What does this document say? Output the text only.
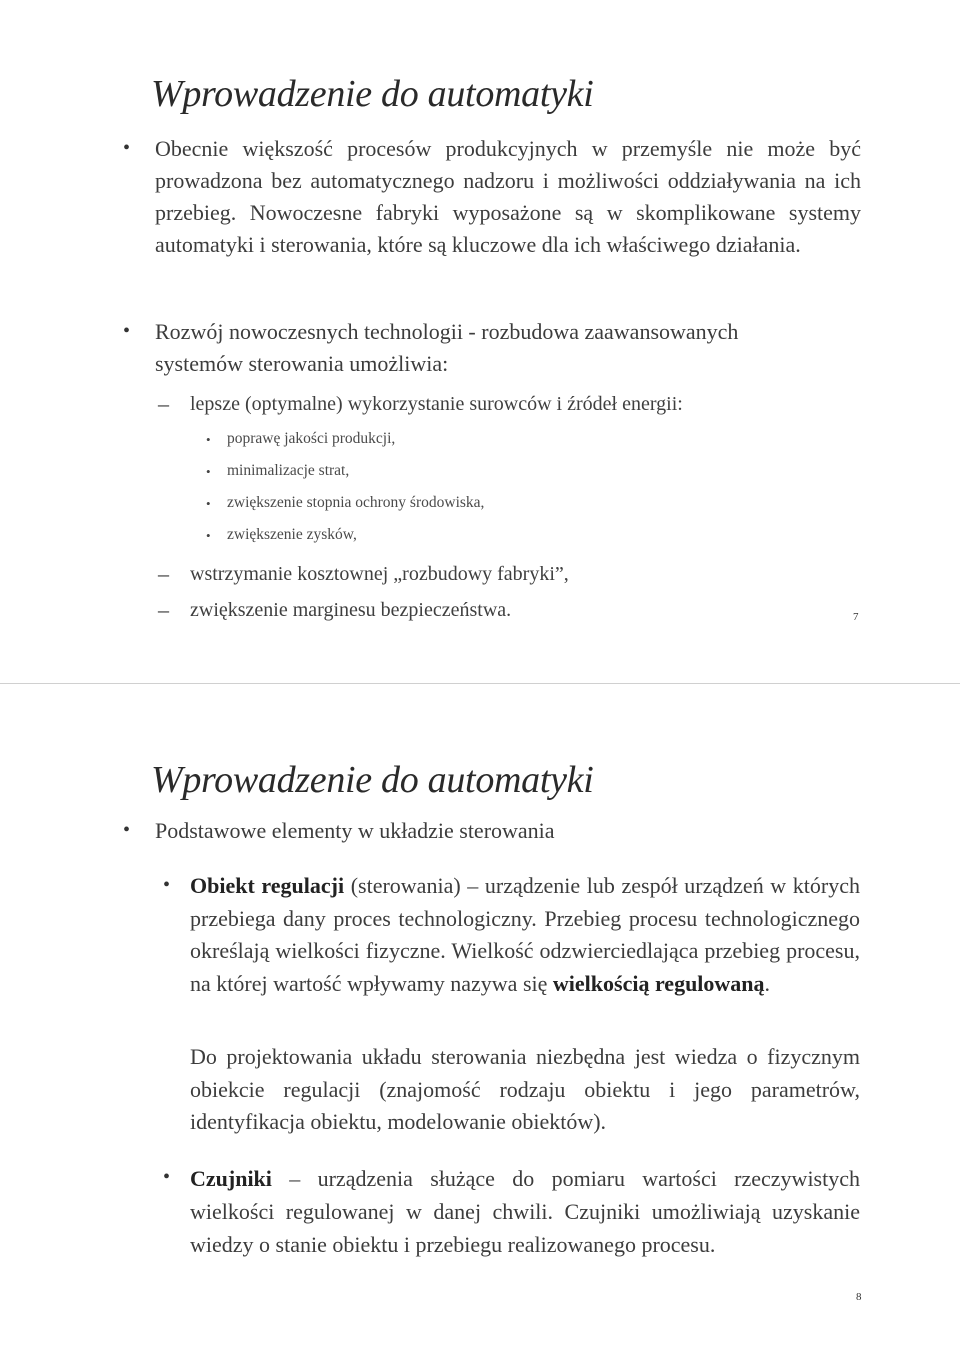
Wprowadzenie do automatyki
• Obecnie większość procesów produkcyjnych w przemyśle nie może być prowadzona bez automatycznego nadzoru i możliwości oddziaływania na ich przebieg. Nowoczesne fabryki wyposażone są w skomplikowane systemy automatyki i sterowania, które są kluczowe dla ich właściwego działania.
• Rozwój nowoczesnych technologii - rozbudowa zaawansowanych systemów sterowania umożliwia:
– lepsze (optymalne) wykorzystanie surowców i źródeł energii:
• poprawę jakości produkcji,
• minimalizacje strat,
• zwiększenie stopnia ochrony środowiska,
• zwiększenie zysków,
– wstrzymanie kosztownej „rozbudowy fabryki”,
– zwiększenie marginesu bezpieczeństwa.	7
Wprowadzenie do automatyki
• Podstawowe elementy w układzie sterowania
• Obiekt regulacji (sterowania) – urządzenie lub zespół urządzeń w których przebiega dany proces technologiczny. Przebieg procesu technologicznego określają wielkości fizyczne. Wielkość odzwierciedlająca przebieg procesu, na której wartość wpływamy nazywa się wielkością regulowaną.
Do projektowania układu sterowania niezbędna jest wiedza o fizycznym obiekcie regulacji (znajomość rodzaju obiektu i jego parametrów, identyfikacja obiektu, modelowanie obiektów).
• Czujniki – urządzenia służące do pomiaru wartości rzeczywistych wielkości regulowanej w danej chwili. Czujniki umożliwiają uzyskanie wiedzy o stanie obiektu i przebiegu realizowanego procesu.
8
